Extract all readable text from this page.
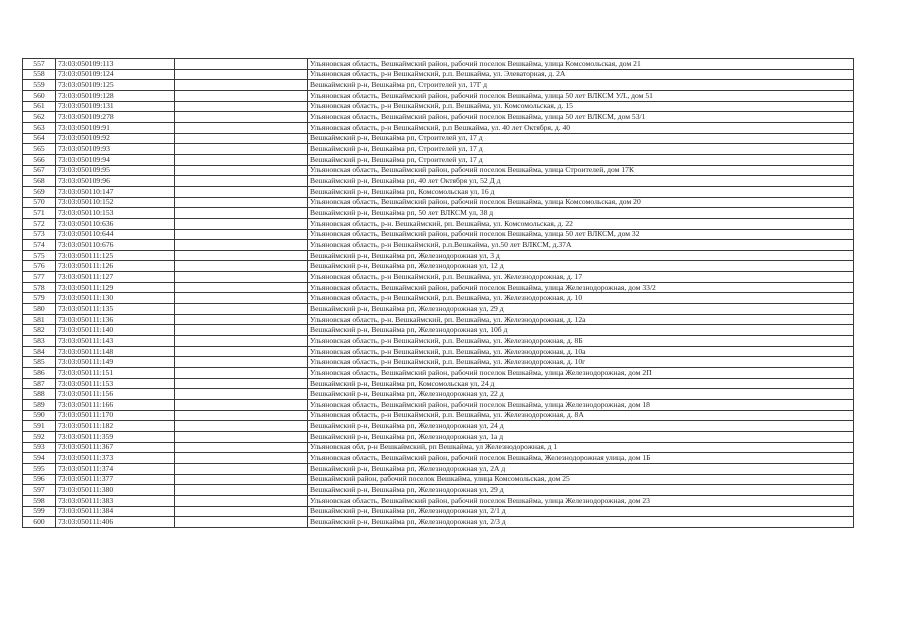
557	73:03:050109:113		Ульяновская область, Вешкаймский район, рабочий поселок Вешкайма, улица Комсомольская, дом 21
558	73:03:050109:124		Ульяновская область, р-н Вешкаймский, р.п. Вешкайма, ул. Элеваторная, д. 2А
559	73:03:050109:125		Вешкаймский р-н, Вешкайма рп, Строителей ул, 17Г д
560	73:03:050109:128		Ульяновская область, Вешкаймский район, рабочий поселок Вешкайма, улица 50 лет ВЛКСМ УЛ., дом 51
561	73:03:050109:131		Ульяновская область, р-н Вешкаймский, р.п. Вешкайма, ул. Комсомольская, д. 15
562	73:03:050109:278		Ульяновская область, Вешкаймский район, рабочий поселок Вешкайма, улица 50 лет ВЛКСМ, дом 53/1
563	73:03:050109:91		Ульяновская область, р-н Вешкаймский, р.п Вешкайма, ул. 40 лет Октября, д. 40
564	73:03:050109:92		Вешкаймский р-н, Вешкайма рп, Строителей ул, 17 д
565	73:03:050109:93		Вешкаймский р-н, Вешкайма рп, Строителей ул, 17 д
566	73:03:050109:94		Вешкаймский р-н, Вешкайма рп, Строителей ул, 17 д
567	73:03:050109:95		Ульяновская область, Вешкаймский район, рабочий поселок Вешкайма, улица Строителей, дом 17К
568	73:03:050109:96		Вешкаймский р-н, Вешкайма рп, 40 лет Октября ул, 52 Д д
569	73:03:050110:147		Вешкаймский р-н, Вешкайма рп, Комсомольская ул, 16 д
570	73:03:050110:152		Ульяновская область, Вешкаймский район, рабочий поселок Вешкайма, улица Комсомольская, дом 20
571	73:03:050110:153		Вешкаймский р-н, Вешкайма рп, 50 лет ВЛКСМ ул, 38 д
572	73:03:050110:636		Ульяновская область, р-н. Вешкаймский, рп. Вешкайма, ул. Комсомольская, д. 22
573	73:03:050110:644		Ульяновская область, Вешкаймский район, рабочий поселок Вешкайма, улица 50 лет ВЛКСМ, дом 32
574	73:03:050110:676		Ульяновская область, р-н Вешкаймский, р.п.Вешкайма, ул.50 лет ВЛКСМ, д.37А
575	73:03:050111:125		Вешкаймский р-н, Вешкайма рп, Железнодорожная ул, 3 д
576	73:03:050111:126		Вешкаймский р-н, Вешкайма рп, Железнодорожная ул, 12 д
577	73:03:050111:127		Ульяновская область, р-н Вешкаймский, р.п. Вешкайма, ул. Железнодорожная, д. 17
578	73:03:050111:129		Ульяновская область, Вешкаймский район, рабочий поселок Вешкайма, улица Железнодорожная, дом 33/2
579	73:03:050111:130		Ульяновская область, р-н Вешкаймский, р.п. Вешкайма, ул. Железнодорожная, д. 10
580	73:03:050111:135		Вешкаймский р-н, Вешкайма рп, Железнодорожная ул, 29 д
581	73:03:050111:136		Ульяновская область, р-н. Вешкаймский, рп. Вешкайма, ул. Железнодорожная, д. 12а
582	73:03:050111:140		Вешкаймский р-н, Вешкайма рп, Железнодорожная ул, 10б д
583	73:03:050111:143		Ульяновская область, р-н Вешкаймский, р.п. Вешкайма, ул. Железнодорожная, д. 8Б
584	73:03:050111:148		Ульяновская область, р-н Вешкаймский, р.п. Вешкайма, ул. Железнодорожная, д. 10а
585	73:03:050111:149		Ульяновская область, р-н Вешкаймский, р.п. Вешкайма, ул. Железнодорожная, д. 10г
586	73:03:050111:151		Ульяновская область, Вешкаймский район, рабочий поселок Вешкайма, улица Железнодорожная, дом 2П
587	73:03:050111:153		Вешкаймский р-н, Вешкайма рп, Комсомольская ул, 24 д
588	73:03:050111:156		Вешкаймский р-н, Вешкайма рп, Железнодорожная ул, 22 д
589	73:03:050111:166		Ульяновская область, Вешкаймский район, рабочий поселок Вешкайма, улица Железнодорожная, дом 18
590	73:03:050111:170		Ульяновская область, р-н Вешкаймский, р.п. Вешкайма, ул. Железнодорожная, д. 8А
591	73:03:050111:182		Вешкаймский р-н, Вешкайма рп, Железнодорожная ул, 24 д
592	73:03:050111:359		Вешкаймский р-н, Вешкайма рп, Железнодорожная ул, 1а д
593	73:03:050111:367		Ульяновская обл, р-н Вешкаймский, рп Вешкайма, ул Железнодорожная, д 1
594	73:03:050111:373		Ульяновская область, Вешкаймский район, рабочий поселок Вешкайма, Железнодорожная улица, дом 1Б
595	73:03:050111:374		Вешкаймский р-н, Вешкайма рп, Железнодорожная ул, 2А д
596	73:03:050111:377		Вешкаймский район, рабочий поселок Вешкайма, улица Комсомольская, дом 25
597	73:03:050111:380		Вешкаймский р-н, Вешкайма рп, Железнодорожная ул, 29 д
598	73:03:050111:383		Ульяновская область, Вешкаймский район, рабочий поселок Вешкайма, улица Железнодорожная, дом 23
599	73:03:050111:384		Вешкаймский р-н, Вешкайма рп, Железнодорожная ул, 2/1 д
600	73:03:050111:406		Вешкаймский р-н, Вешкайма рп, Железнодорожная ул, 2/3 д
